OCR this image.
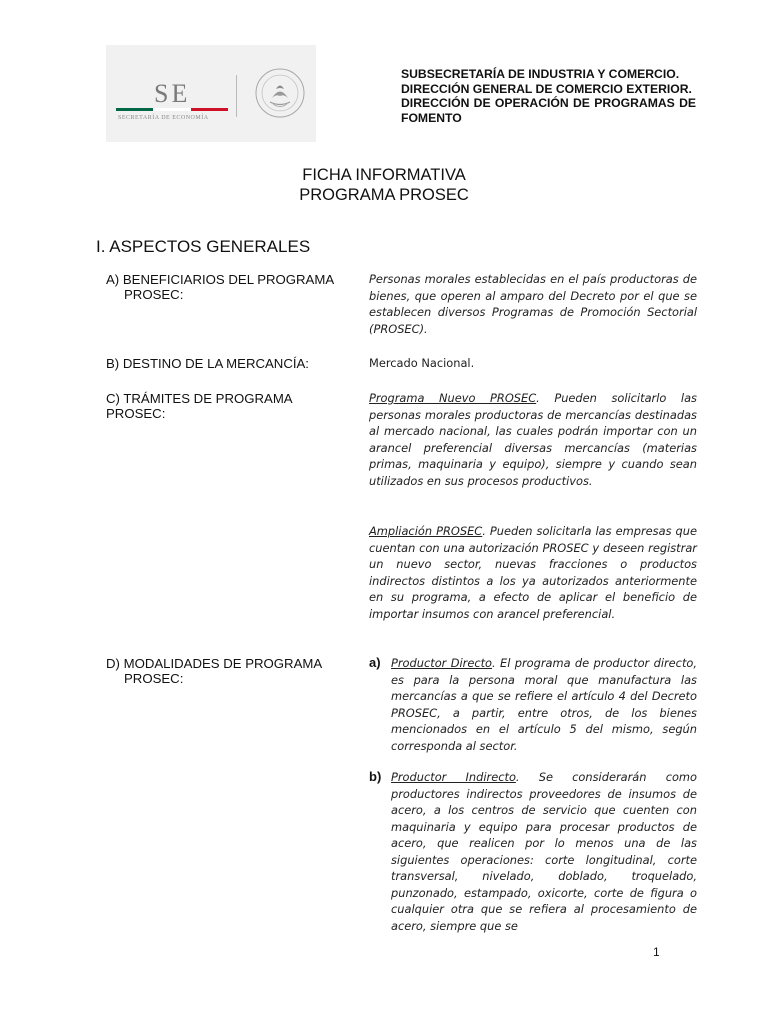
SE
SECRETARÍA DE ECONOMÍA
SUBSECRETARÍA DE INDUSTRIA Y COMERCIO.
DIRECCIÓN GENERAL DE COMERCIO EXTERIOR.
DIRECCIÓN DE OPERACIÓN DE PROGRAMAS DE FOMENTO
FICHA INFORMATIVA
PROGRAMA PROSEC
I. ASPECTOS GENERALES
A) BENEFICIARIOS DEL PROGRAMA
PROSEC:
Personas morales establecidas en el país productoras de bienes, que operen al amparo del Decreto por el que se establecen diversos Programas de Promoción Sectorial (PROSEC).
B) DESTINO DE LA MERCANCÍA:	Mercado Nacional.
C) TRÁMITES DE PROGRAMA PROSEC:
Programa Nuevo PROSEC. Pueden solicitarlo las personas morales productoras de mercancías destinadas al mercado nacional, las cuales podrán importar con un arancel preferencial diversas mercancías (materias primas, maquinaria y equipo), siempre y cuando sean utilizados en sus procesos productivos.
Ampliación PROSEC. Pueden solicitarla las empresas que cuentan con una autorización PROSEC y deseen registrar un nuevo sector, nuevas fracciones o productos indirectos distintos a los ya autorizados anteriormente en su programa, a efecto de aplicar el beneficio de importar insumos con arancel preferencial.
D) MODALIDADES DE PROGRAMA
PROSEC:
a) Productor Directo. El programa de productor directo, es para la persona moral que manufactura las mercancías a que se refiere el artículo 4 del Decreto PROSEC, a partir, entre otros, de los bienes mencionados en el artículo 5 del mismo, según corresponda al sector.
b) Productor Indirecto. Se considerarán como productores indirectos proveedores de insumos de acero, a los centros de servicio que cuenten con maquinaria y equipo para procesar productos de acero, que realicen por lo menos una de las siguientes operaciones: corte longitudinal, corte transversal, nivelado, doblado, troquelado, punzonado, estampado, oxicorte, corte de figura o cualquier otra que se refiera al procesamiento de acero, siempre que se
1
